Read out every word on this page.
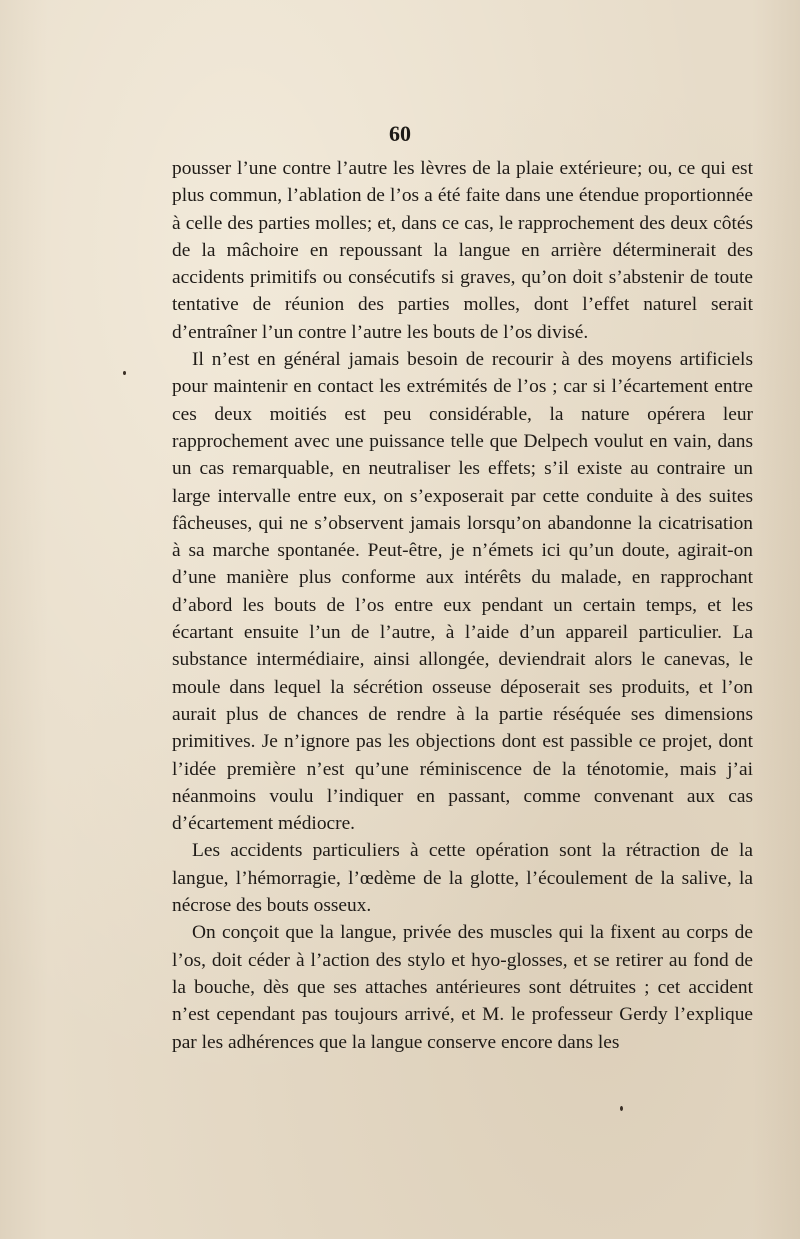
60

pousser l’une contre l’autre les lèvres de la plaie extérieure; ou, ce qui est plus commun, l’ablation de l’os a été faite dans une étendue proportionnée à celle des parties molles; et, dans ce cas, le rapprochement des deux côtés de la mâchoire en repoussant la langue en arrière déterminerait des accidents primitifs ou consécutifs si graves, qu’on doit s’abstenir de toute tentative de réunion des parties molles, dont l’effet naturel serait d’entraîner l’un contre l’autre les bouts de l’os divisé.

Il n’est en général jamais besoin de recourir à des moyens artificiels pour maintenir en contact les extrémités de l’os ; car si l’écartement entre ces deux moitiés est peu considérable, la nature opérera leur rapprochement avec une puissance telle que Delpech voulut en vain, dans un cas remarquable, en neutraliser les effets; s’il existe au contraire un large intervalle entre eux, on s’exposerait par cette conduite à des suites fâcheuses, qui ne s’observent jamais lorsqu’on abandonne la cicatrisation à sa marche spontanée. Peut-être, je n’émets ici qu’un doute, agirait-on d’une manière plus conforme aux intérêts du malade, en rapprochant d’abord les bouts de l’os entre eux pendant un certain temps, et les écartant ensuite l’un de l’autre, à l’aide d’un appareil particulier. La substance intermédiaire, ainsi allongée, deviendrait alors le canevas, le moule dans lequel la sécrétion osseuse déposerait ses produits, et l’on aurait plus de chances de rendre à la partie réséquée ses dimensions primitives. Je n’ignore pas les objections dont est passible ce projet, dont l’idée première n’est qu’une réminiscence de la ténotomie, mais j’ai néanmoins voulu l’indiquer en passant, comme convenant aux cas d’écartement médiocre.

Les accidents particuliers à cette opération sont la rétraction de la langue, l’hémorragie, l’œdème de la glotte, l’écoulement de la salive, la nécrose des bouts osseux.

On conçoit que la langue, privée des muscles qui la fixent au corps de l’os, doit céder à l’action des stylo et hyo-glosses, et se retirer au fond de la bouche, dès que ses attaches antérieures sont détruites ; cet accident n’est cependant pas toujours arrivé, et M. le professeur Gerdy l’explique par les adhérences que la langue conserve encore dans les
